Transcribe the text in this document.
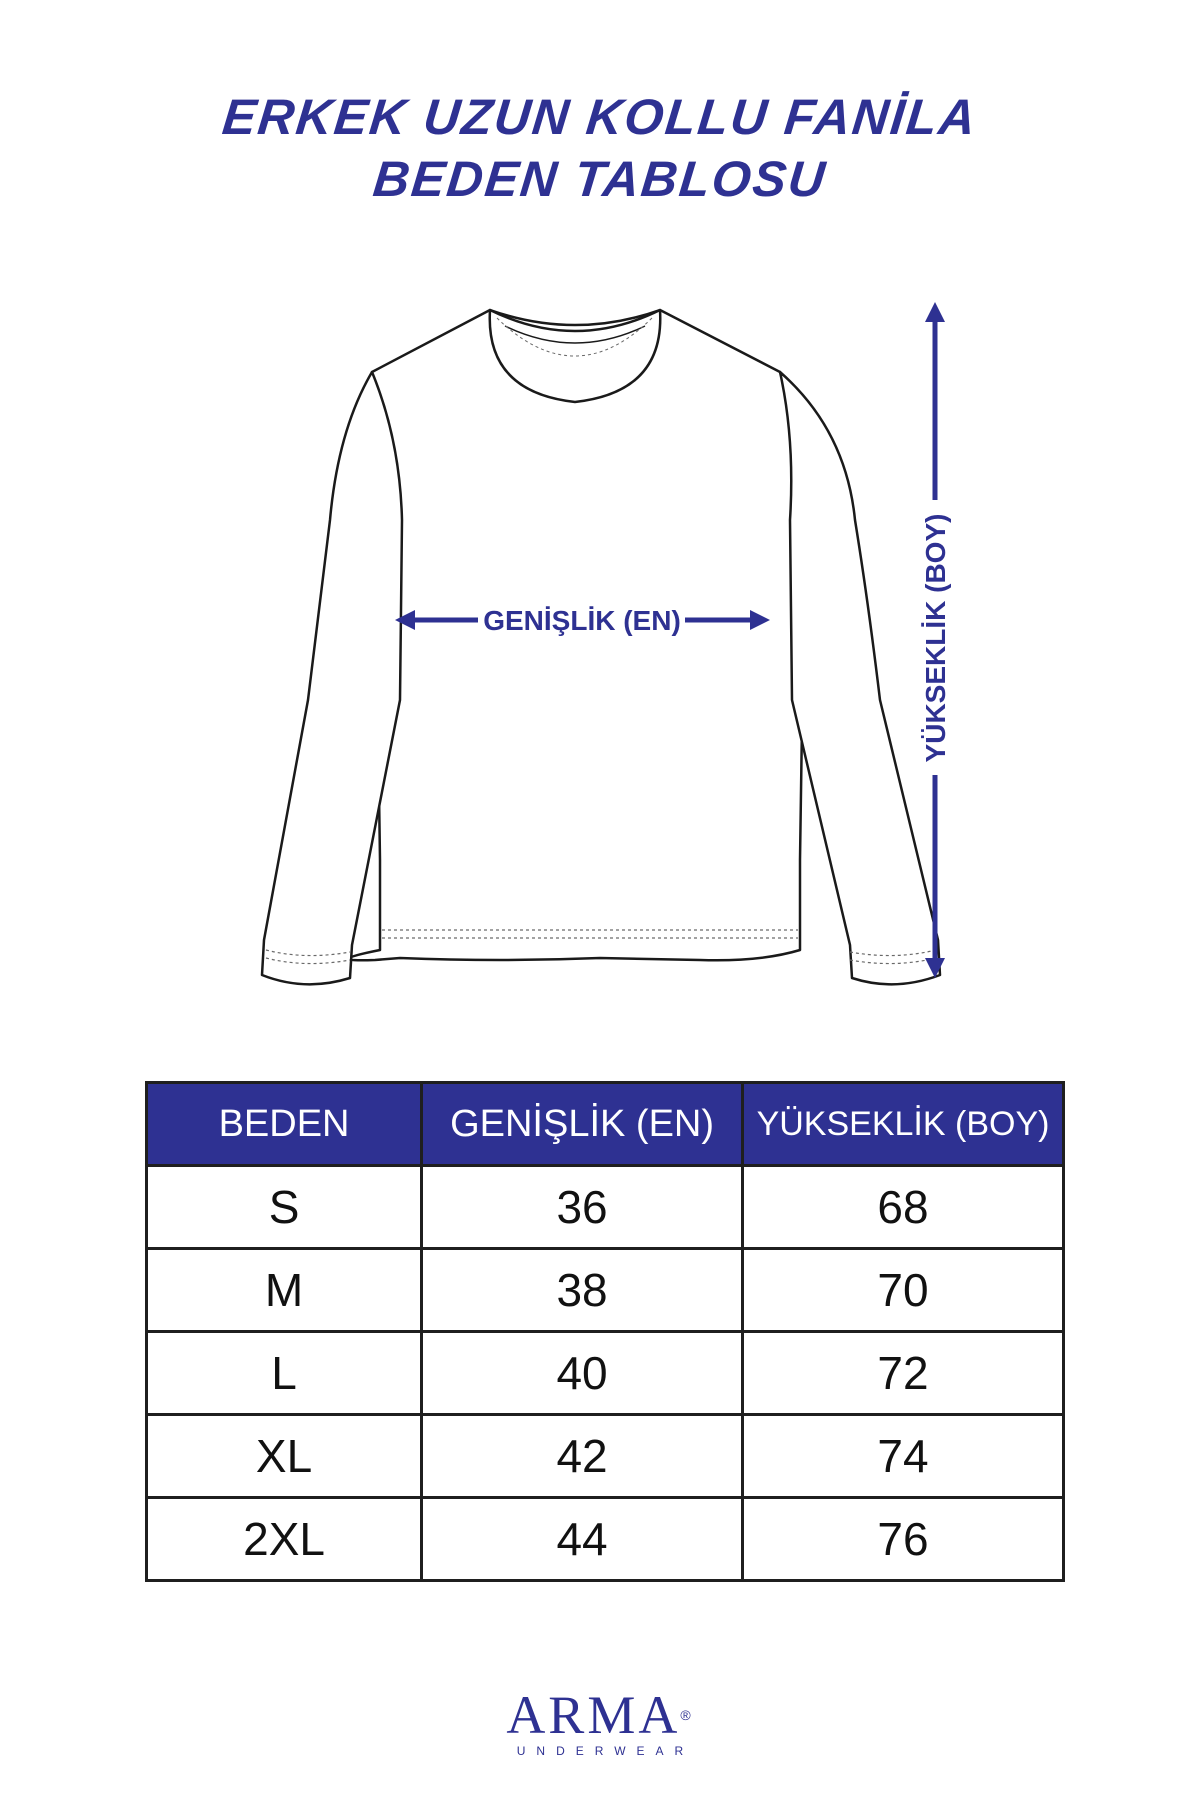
ERKEK UZUN KOLLU FANİLA
BEDEN TABLOSU
GENİŞLİK (EN)	YÜKSEKLİK (BOY)
BEDEN	GENİŞLİK (EN)	YÜKSEKLİK (BOY)
S	36	68
M	38	70
L	40	72
XL	42	74
2XL	44	76
ARMA®
UNDERWEAR
